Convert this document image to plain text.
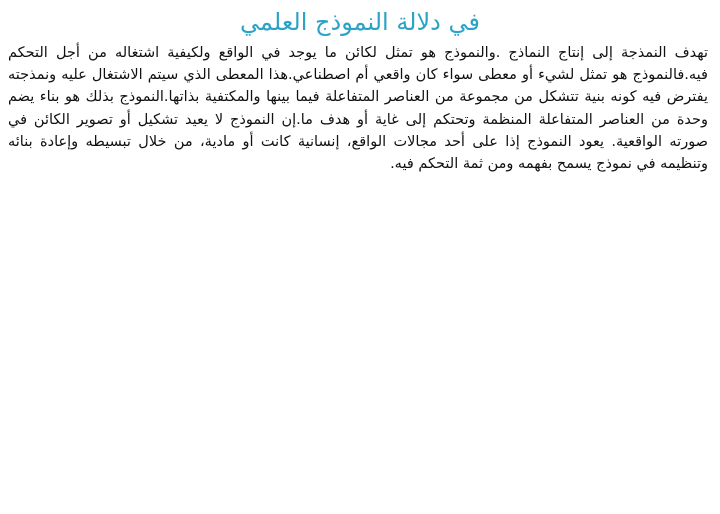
في دلالة النموذج العلمي

تهدف النمذجة إلى إنتاج النماذج .والنموذج هو تمثل لكائن ما يوجد في الواقع ولكيفية اشتغاله من أجل التحكم فيه.فالنموذج هو تمثل لشيء أو معطى سواء كان واقعي أم اصطناعي.هذا المعطى الذي سيتم الاشتغال عليه ونمذجته يفترض فيه كونه بنية تتشكل من مجموعة من العناصر المتفاعلة فيما بينها والمكتفية بذاتها.النموذج بذلك هو بناء يضم وحدة من العناصر المتفاعلة المنظمة وتحتكم إلى غاية أو هدف ما.إن النموذج لا يعيد تشكيل أو تصوير الكائن في صورته الواقعية. يعود النموذج إذا على أحد مجالات الواقع، إنسانية كانت أو مادية، من خلال تبسيطه وإعادة بنائه وتنظيمه في نموذج يسمح بفهمه ومن ثمة التحكم فيه.
